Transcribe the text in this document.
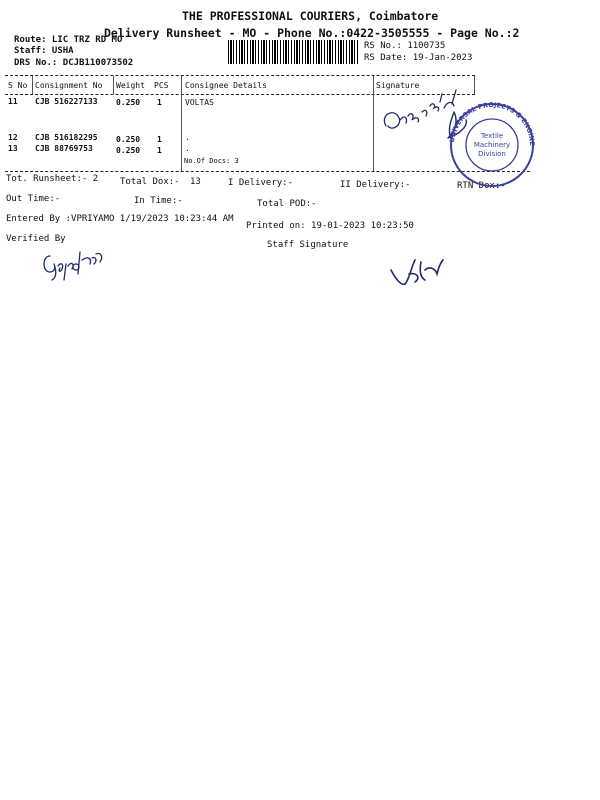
THE PROFESSIONAL COURIERS, Coimbatore
Delivery Runsheet - MO - Phone No.:0422-3505555 - Page No.:2
Route: LIC TRZ RD MO
Staff: USHA
DRS No.: DCJB110073502
RS No.: 1100735
RS Date: 19-Jan-2023
S No Consignment No Weight PCS Consignee Details	Signature
11 CJB 516227133 0.250 1	VOLTAS
12 CJB 516182295 0.250 1	.
13 CJB 88769753	0.250 1	.
No.Of Docs: 3
Tot. Runsheet:- 2 Total Dox:- 13	I Delivery:-	II Delivery:-	RTN Dox:-
Out Time:-	In Time:-	Total POD:-
Entered By :VPRIYAMO 1/19/2023 10:23:44 AM
Printed on: 19-01-2023 10:23:50
Verified By
Staff Signature
UNIVERSAL PROJECTS & ENGINEERING SERVICES LIMITED
Textile
Machinery
Division
